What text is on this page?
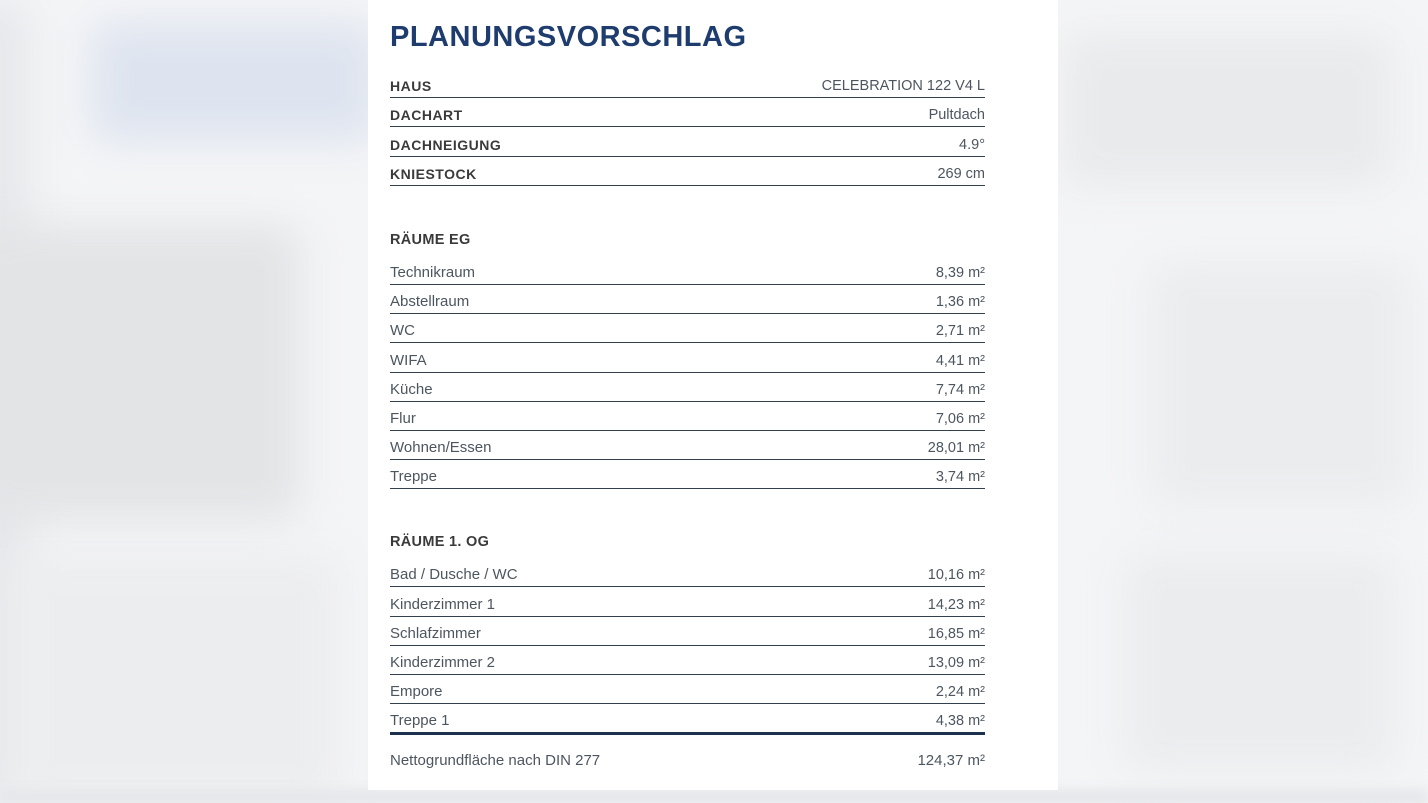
PLANUNGSVORSCHLAG
HAUS	CELEBRATION 122 V4 L
DACHART	Pultdach
DACHNEIGUNG	4.9°
KNIESTOCK	269 cm
RÄUME EG
Technikraum	8,39 m²
Abstellraum	1,36 m²
WC	2,71 m²
WIFA	4,41 m²
Küche	7,74 m²
Flur	7,06 m²
Wohnen/Essen	28,01 m²
Treppe	3,74 m²
RÄUME 1. OG
Bad / Dusche / WC	10,16 m²
Kinderzimmer 1	14,23 m²
Schlafzimmer	16,85 m²
Kinderzimmer 2	13,09 m²
Empore	2,24 m²
Treppe 1	4,38 m²
Nettogrundfläche nach DIN 277	124,37 m²
